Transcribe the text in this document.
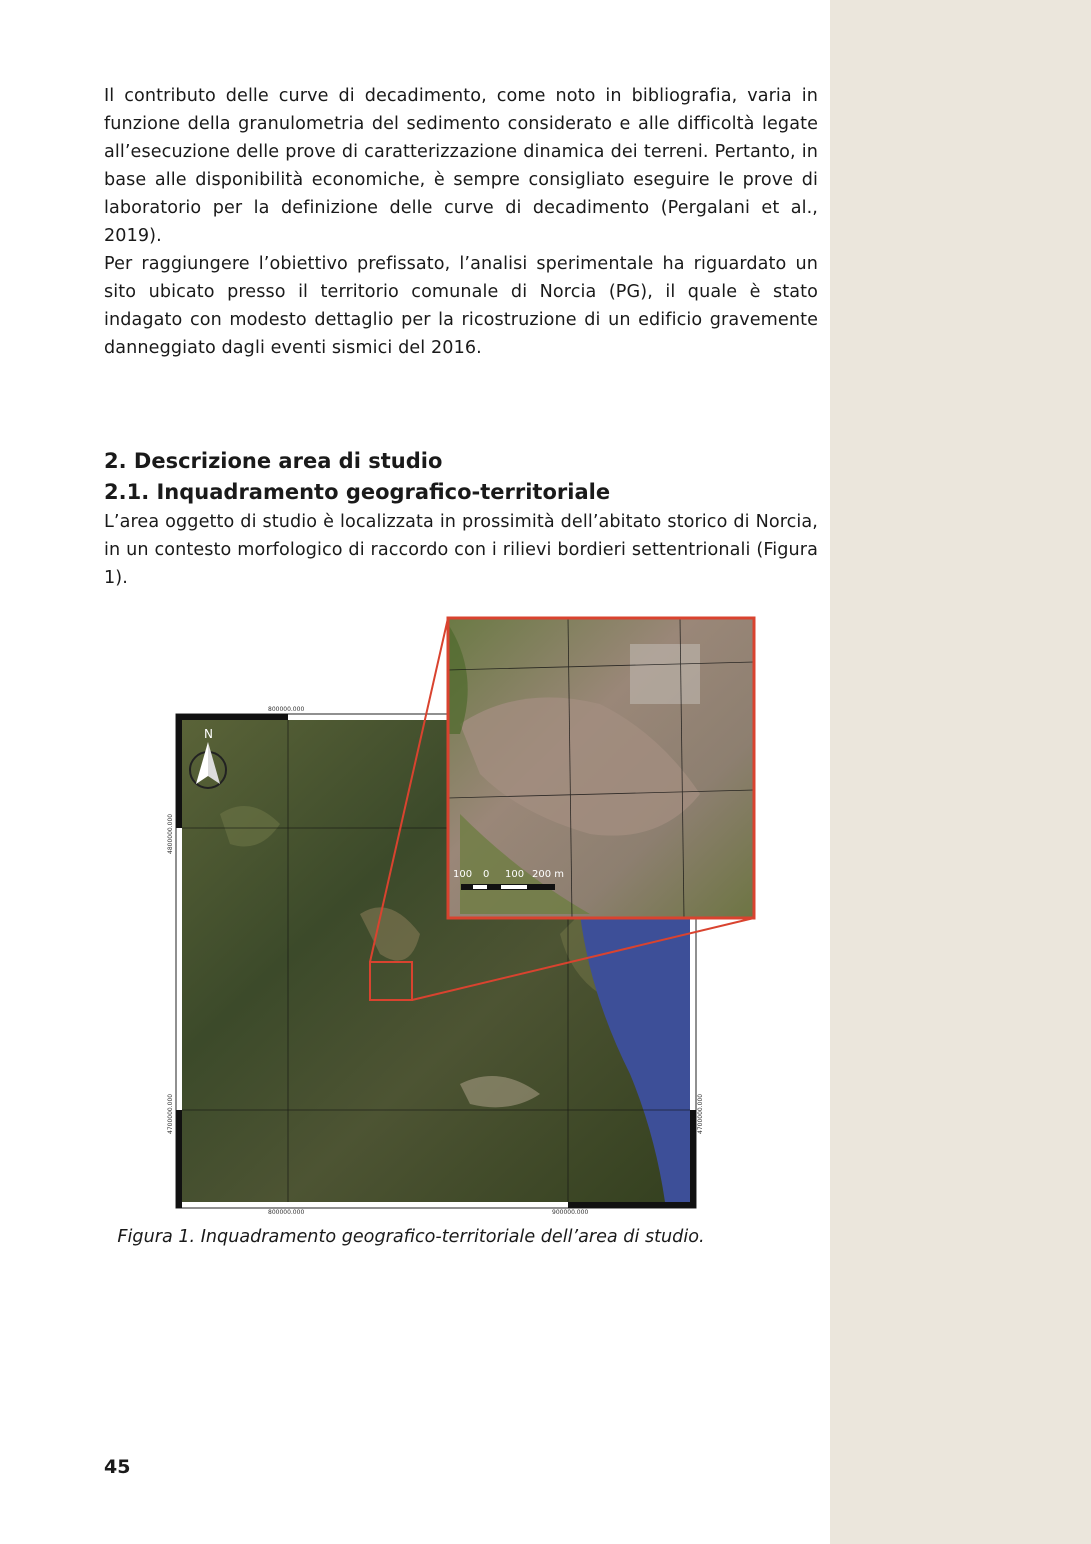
Il contributo delle curve di decadimento, come noto in bibliografia, varia in funzione della granulometria del sedimento considerato e alle difficoltà legate all’esecuzione delle prove di caratterizzazione dinamica dei terreni. Pertanto, in base alle disponibilità economiche, è sempre consigliato eseguire le prove di laboratorio per la definizione delle curve di decadimento (Pergalani et al., 2019).

Per raggiungere l’obiettivo prefissato, l’analisi sperimentale ha riguardato un sito ubicato presso il territorio comunale di Norcia (PG), il quale è stato indagato con modesto dettaglio per la ricostruzione di un edificio gravemente danneggiato dagli eventi sismici del 2016.

2. Descrizione area di studio
2.1. Inquadramento geografico-territoriale

L’area oggetto di studio è localizzata in prossimità dell’abitato storico di Norcia, in un contesto morfologico di raccordo con i rilievi bordieri settentrionali (Figura 1).

800000.000
800000.000	900000.000
4800000.000
4700000.000	4700000.000
N
100 0 100 200 m
Figura 1. Inquadramento geografico-territoriale dell’area di studio.
45
